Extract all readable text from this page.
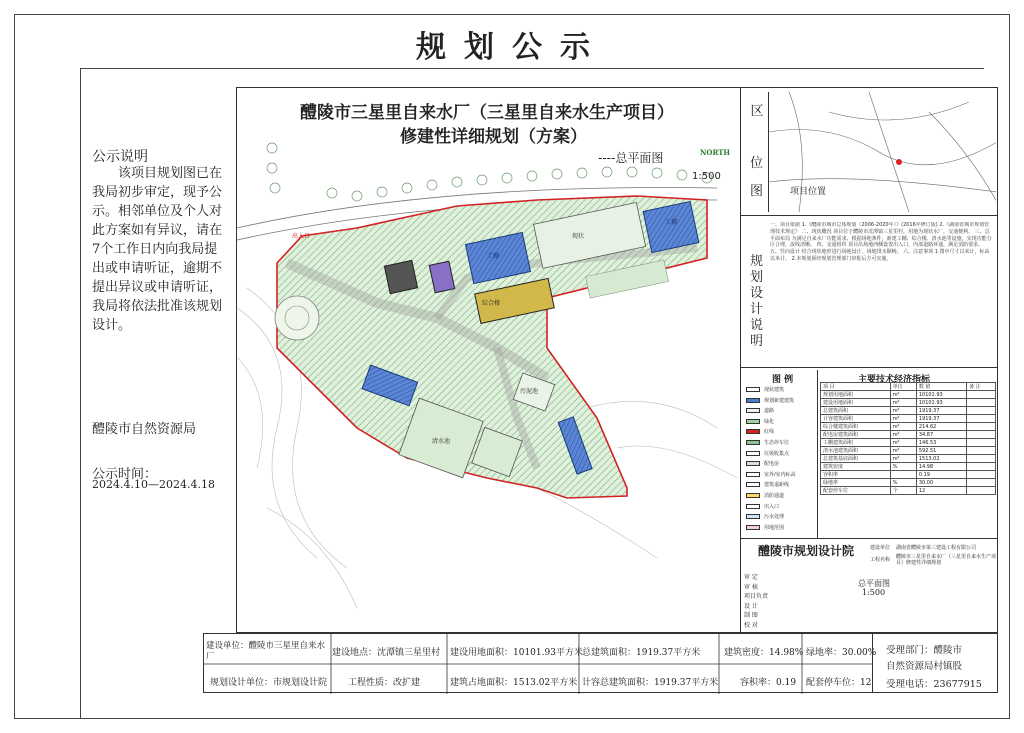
规划公示
公示说明
该项目规划图已在我局初步审定，现予公示。相邻单位及个人对此方案如有异议，请在7个工作日内向我局提出或申请听证，逾期不提出异议或申请听证，我局将依法批准该规划设计。
醴陵市自然资源局
公示时间：
2024.4.10—2024.4.18
工棚
工棚
现状
综合楼
清水池
污泥池
出入口
醴陵市三星里自来水厂（三星里自来水生产项目）
修建性详细规划（方案）
----总平面图	NORTH
1:500
区
位
图	项目位置
规划设计说明
一、项目依据 1.《醴陵市城市总体规划（2006-2020年）》(2016年修订版) 2.《湖南省城市规划管理技术规定》 二、现状概况 项目位于醴陵市沈潭镇三星里村，用地为现状水厂，交通便利。 三、总平面布局 为满足自来水厂功能需求，根据场地条件，新建工棚、综合楼、清水池等设施，实现功能分区合理，流线清晰。 四、交通组织 项目沿场地西侧设置出入口，内部道路环通，满足消防要求。 五、竖向设计 结合现状地形进行场地设计，场地排水顺畅。 六、注意事项 1.图中尺寸以米计，标高以米计。 2.本规划须经规划管理部门审批后方可实施。
图 例
现状建筑
规划新建建筑
道路
绿化
红线
生态停车位
垃圾收集点
配电房
室外/室内标高
建筑退距线
消防通道
出入口
污水处理
用地范围
主要技术经济指标
项 目	单位	数 值	备 注
规划用地面积	m²	10101.93	
建设用地面积	m²	10101.93	
总建筑面积	m²	1919.37	
计容建筑面积	m²	1919.37	
综合楼建筑面积	m²	214.62	
配电房建筑面积	m²	34.87	
工棚建筑面积	m²	146.53	
清水池建筑面积	m²	592.51	
总建筑基底面积	m²	1513.02	
建筑密度	%	14.98	
容积率		0.19	
绿地率	%	30.00	
配套停车位	个	12	
醴陵市规划设计院	建设单位 湖南省醴陵市第三建设工程有限公司
工程名称 醴陵市三星里自来水厂（三星里自来水生产项目）修建性详细规划
审 定
审 核
项目负责
设 计
制 图
校 对
总平面图
1:500
建设单位：醴陵市三星里自来水厂	建设地点：沈潭镇三星里村 建设用地面积：10101.93平方米 总建筑面积：1919.37平方米	建筑密度：14.98% 绿地率：30.00%
规划设计单位：市规划设计院 工程性质：改扩建	建筑占地面积：1513.02平方米 计容总建筑面积：1919.37平方米 容积率：0.19 配套停车位：12
受理部门：醴陵市
自然资源局村镇股
受理电话：23677915
